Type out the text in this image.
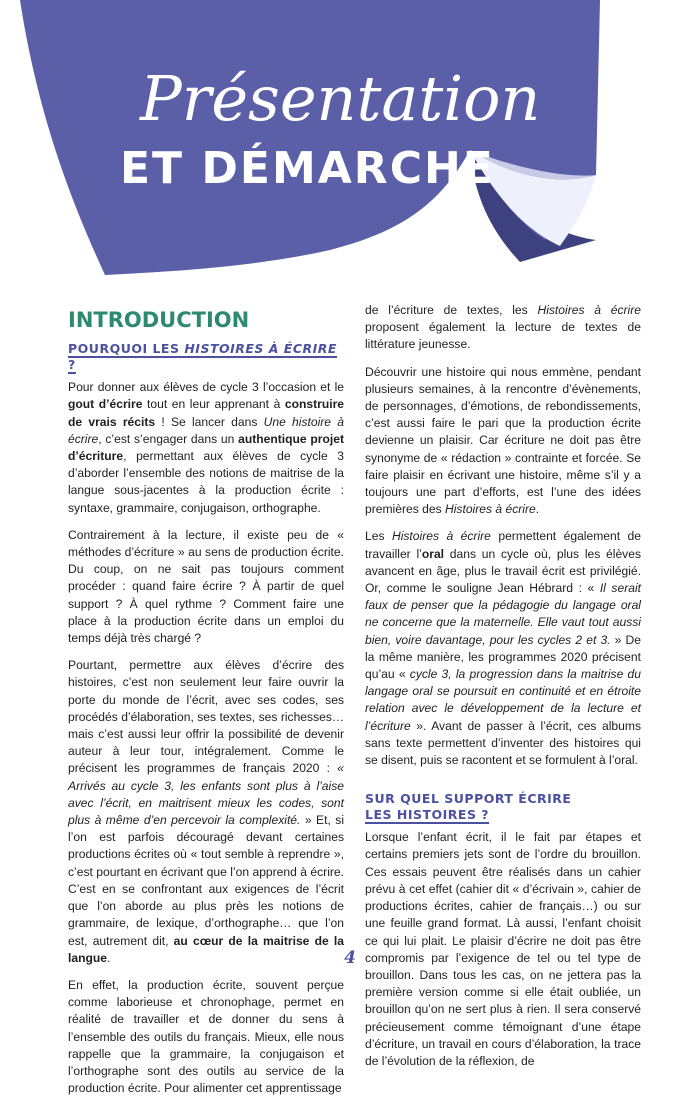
Présentation
ET DÉMARCHE
INTRODUCTION
POURQUOI LES HISTOIRES À ÉCRIRE ?

Pour donner aux élèves de cycle 3 l’occasion et le gout d’écrire tout en leur apprenant à construire de vrais récits ! Se lancer dans Une histoire à écrire, c’est s’engager dans un authentique projet d’écriture, permettant aux élèves de cycle 3 d’aborder l’ensemble des notions de maitrise de la langue sous-jacentes à la production écrite : syntaxe, grammaire, conjugaison, orthographe.

Contrairement à la lecture, il existe peu de « méthodes d’écriture » au sens de production écrite. Du coup, on ne sait pas toujours comment procéder : quand faire écrire ? À partir de quel support ? À quel rythme ? Comment faire une place à la production écrite dans un emploi du temps déjà très chargé ?

Pourtant, permettre aux élèves d’écrire des histoires, c’est non seulement leur faire ouvrir la porte du monde de l’écrit, avec ses codes, ses procédés d’élaboration, ses textes, ses richesses… mais c’est aussi leur offrir la possibilité de devenir auteur à leur tour, intégralement. Comme le précisent les programmes de français 2020 : « Arrivés au cycle 3, les enfants sont plus à l’aise avec l’écrit, en maitrisent mieux les codes, sont plus à même d’en percevoir la complexité. » Et, si l’on est parfois découragé devant certaines productions écrites où « tout semble à reprendre », c’est pourtant en écrivant que l’on apprend à écrire. C’est en se confrontant aux exigences de l’écrit que l’on aborde au plus près les notions de grammaire, de lexique, d’orthographe… que l’on est, autrement dit, au cœur de la maitrise de la langue.

En effet, la production écrite, souvent perçue comme laborieuse et chronophage, permet en réalité de travailler et de donner du sens à l’ensemble des outils du français. Mieux, elle nous rappelle que la grammaire, la conjugaison et l’orthographe sont des outils au service de la production écrite. Pour alimenter cet apprentissage

de l’écriture de textes, les Histoires à écrire proposent également la lecture de textes de littérature jeunesse.

Découvrir une histoire qui nous emmène, pendant plusieurs semaines, à la rencontre d’évènements, de personnages, d’émotions, de rebondissements, c’est aussi faire le pari que la production écrite devienne un plaisir. Car écriture ne doit pas être synonyme de « rédaction » contrainte et forcée. Se faire plaisir en écrivant une histoire, même s’il y a toujours une part d’efforts, est l’une des idées premières des Histoires à écrire.

Les Histoires à écrire permettent également de travailler l’oral dans un cycle où, plus les élèves avancent en âge, plus le travail écrit est privilégié. Or, comme le souligne Jean Hébrard : « Il serait faux de penser que la pédagogie du langage oral ne concerne que la maternelle. Elle vaut tout aussi bien, voire davantage, pour les cycles 2 et 3. » De la même manière, les programmes 2020 précisent qu’au « cycle 3, la progression dans la maitrise du langage oral se poursuit en continuité et en étroite relation avec le développement de la lecture et l’écriture ». Avant de passer à l’écrit, ces albums sans texte permettent d’inventer des histoires qui se disent, puis se racontent et se formulent à l’oral.

SUR QUEL SUPPORT ÉCRIRE
LES HISTOIRES ?

Lorsque l’enfant écrit, il le fait par étapes et certains premiers jets sont de l’ordre du brouillon. Ces essais peuvent être réalisés dans un cahier prévu à cet effet (cahier dit « d’écrivain », cahier de productions écrites, cahier de français…) ou sur une feuille grand format. Là aussi, l’enfant choisit ce qui lui plait. Le plaisir d’écrire ne doit pas être compromis par l’exigence de tel ou tel type de brouillon. Dans tous les cas, on ne jettera pas la première version comme si elle était oubliée, un brouillon qu’on ne sert plus à rien. Il sera conservé précieusement comme témoignant d’une étape d’écriture, un travail en cours d’élaboration, la trace de l’évolution de la réflexion, de

4
